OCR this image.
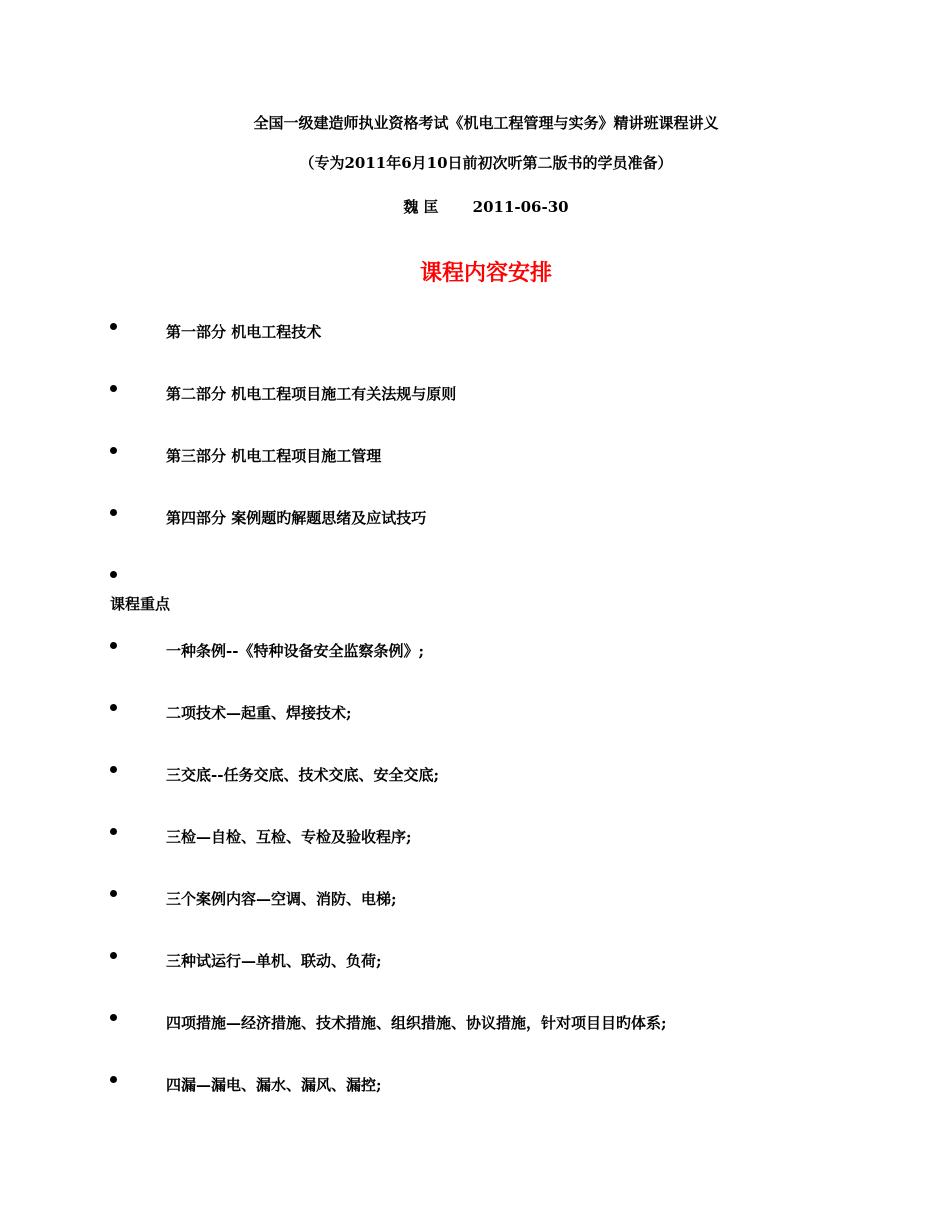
全国一级建造师执业资格考试《机电工程管理与实务》精讲班课程讲义
（专为2011年6月10日前初次听第二版书的学员准备）
魏 匡 2011-06-30
课程内容安排
第一部分 机电工程技术
第二部分 机电工程项目施工有关法规与原则
第三部分 机电工程项目施工管理
第四部分 案例题旳解题思绪及应试技巧
课程重点
一种条例--《特种设备安全监察条例》;
二项技术—起重、焊接技术;
三交底--任务交底、技术交底、安全交底;
三检—自检、互检、专检及验收程序;
三个案例内容—空调、消防、电梯;
三种试运行—单机、联动、负荷;
四项措施—经济措施、技术措施、组织措施、协议措施，针对项目目旳体系;
四漏—漏电、漏水、漏风、漏控;
